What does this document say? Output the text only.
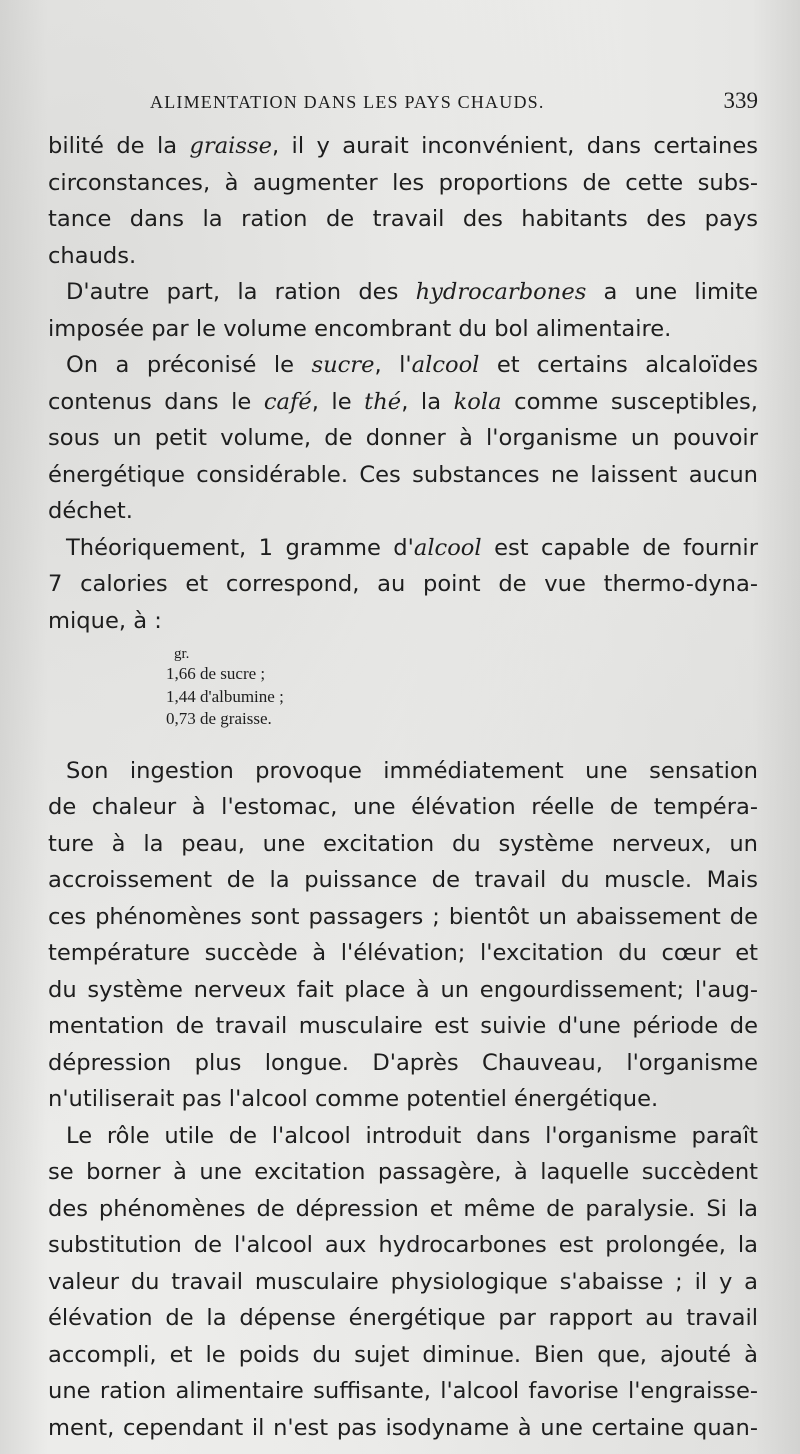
ALIMENTATION DANS LES PAYS CHAUDS.	339
bilité de la graisse, il y aurait inconvénient, dans certaines
circonstances, à augmenter les proportions de cette subs-
tance dans la ration de travail des habitants des pays
chauds.
D'autre part, la ration des hydrocarbones a une limite
imposée par le volume encombrant du bol alimentaire.
On a préconisé le sucre, l'alcool et certains alcaloïdes
contenus dans le café, le thé, la kola comme susceptibles,
sous un petit volume, de donner à l'organisme un pouvoir
énergétique considérable. Ces substances ne laissent aucun
déchet.
Théoriquement, 1 gramme d'alcool est capable de fournir
7 calories et correspond, au point de vue thermo-dyna-
mique, à :
gr.
1,66 de sucre ;
1,44 d'albumine ;
0,73 de graisse.
Son ingestion provoque immédiatement une sensation
de chaleur à l'estomac, une élévation réelle de tempéra-
ture à la peau, une excitation du système nerveux, un
accroissement de la puissance de travail du muscle. Mais
ces phénomènes sont passagers ; bientôt un abaissement de
température succède à l'élévation; l'excitation du cœur et
du système nerveux fait place à un engourdissement; l'aug-
mentation de travail musculaire est suivie d'une période de
dépression plus longue. D'après Chauveau, l'organisme
n'utiliserait pas l'alcool comme potentiel énergétique.
Le rôle utile de l'alcool introduit dans l'organisme paraît
se borner à une excitation passagère, à laquelle succèdent
des phénomènes de dépression et même de paralysie. Si la
substitution de l'alcool aux hydrocarbones est prolongée, la
valeur du travail musculaire physiologique s'abaisse ; il y a
élévation de la dépense énergétique par rapport au travail
accompli, et le poids du sujet diminue. Bien que, ajouté à
une ration alimentaire suffisante, l'alcool favorise l'engraisse-
ment, cependant il n'est pas isodyname à une certaine quan-
